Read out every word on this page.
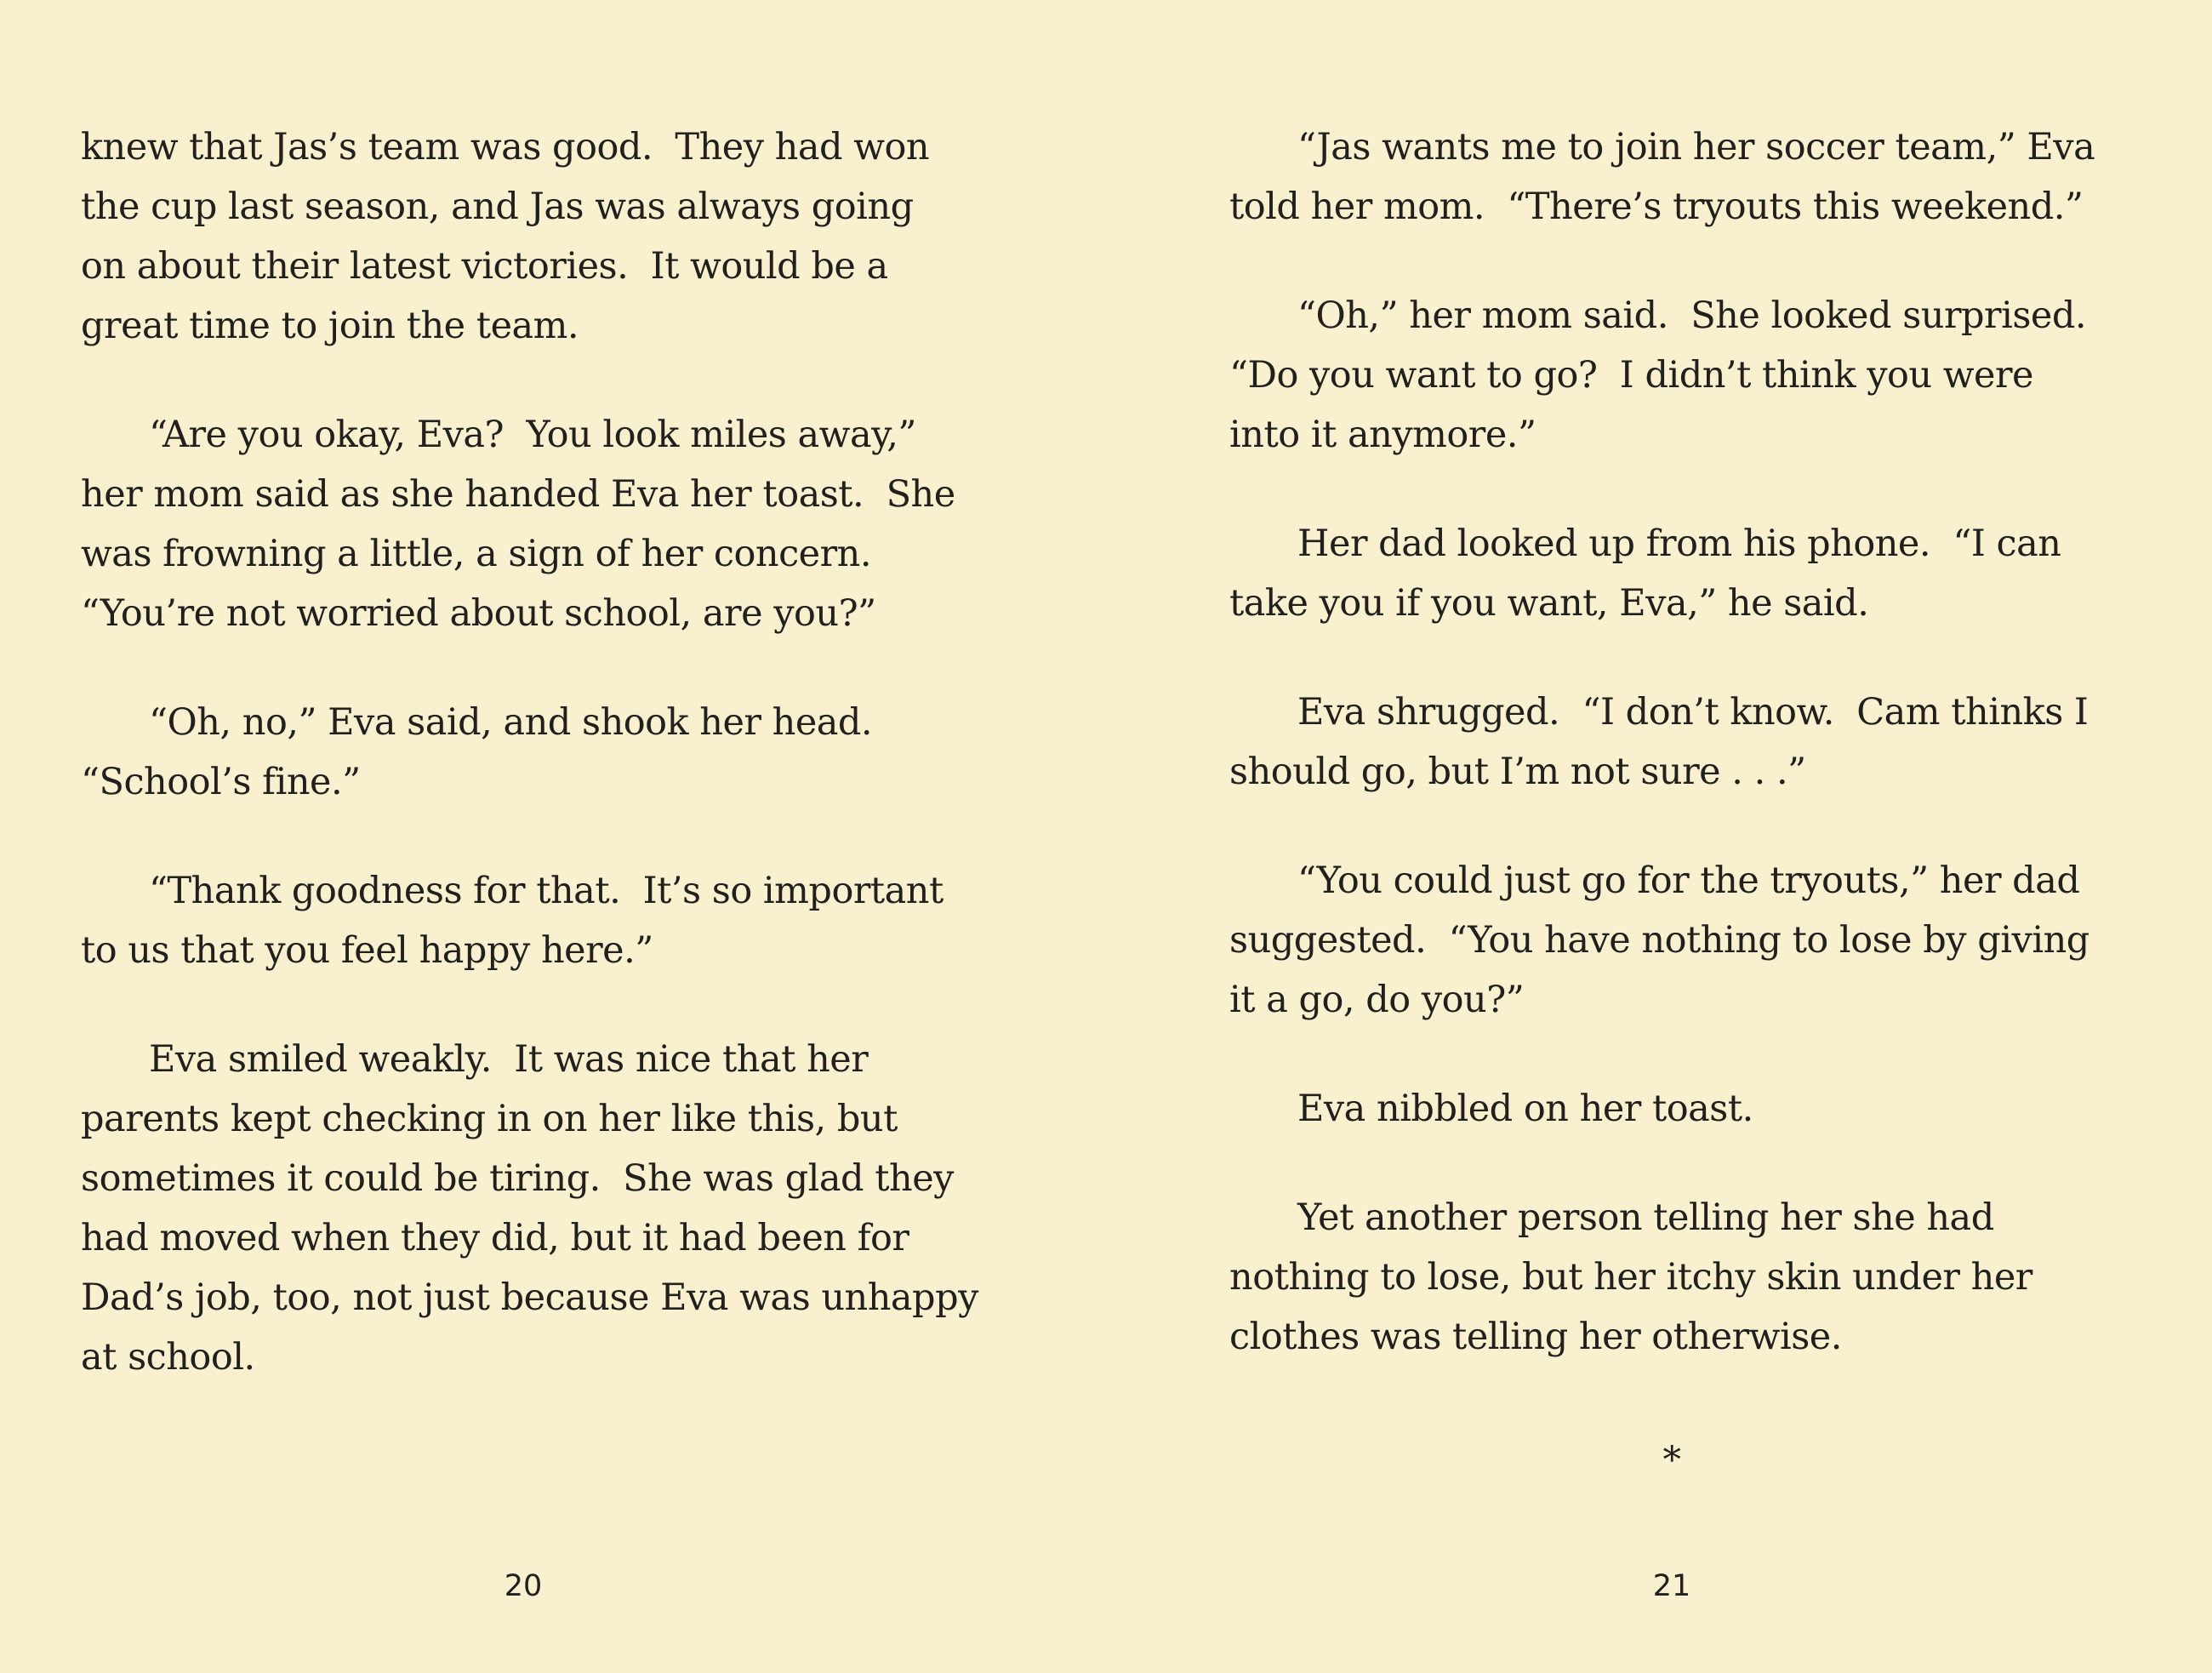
knew that Jas’s team was good.  They had won
the cup last season, and Jas was always going
on about their latest victories.  It would be a
great time to join the team.
“Are you okay, Eva?  You look miles away,”
her mom said as she handed Eva her toast.  She
was frowning a little, a sign of her concern.
“You’re not worried about school, are you?”
“Oh, no,” Eva said, and shook her head.
“School’s fine.”
“Thank goodness for that.  It’s so important
to us that you feel happy here.”
Eva smiled weakly.  It was nice that her
parents kept checking in on her like this, but
sometimes it could be tiring.  She was glad they
had moved when they did, but it had been for
Dad’s job, too, not just because Eva was unhappy
at school.
“Jas wants me to join her soccer team,” Eva
told her mom.  “There’s tryouts this weekend.”
“Oh,” her mom said.  She looked surprised.
“Do you want to go?  I didn’t think you were
into it anymore.”
Her dad looked up from his phone.  “I can
take you if you want, Eva,” he said.
Eva shrugged.  “I don’t know.  Cam thinks I
should go, but I’m not sure . . .”
“You could just go for the tryouts,” her dad
suggested.  “You have nothing to lose by giving
it a go, do you?”
Eva nibbled on her toast.
Yet another person telling her she had
nothing to lose, but her itchy skin under her
clothes was telling her otherwise.
*
20	21
